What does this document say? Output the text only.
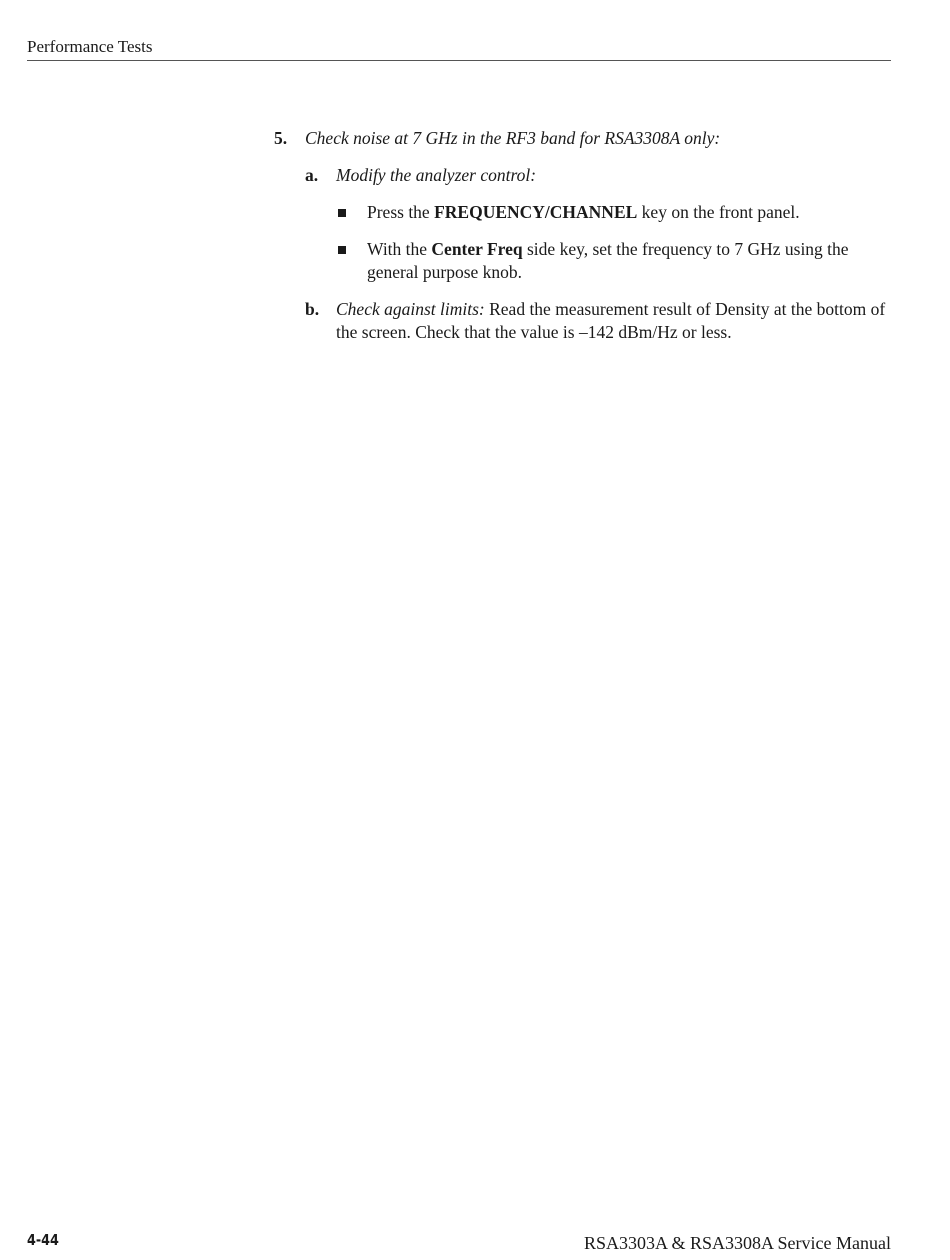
Performance Tests
5. Check noise at 7 GHz in the RF3 band for RSA3308A only:
a. Modify the analyzer control:
Press the FREQUENCY/CHANNEL key on the front panel.
With the Center Freq side key, set the frequency to 7 GHz using the general purpose knob.
b. Check against limits: Read the measurement result of Density at the bottom of the screen. Check that the value is –142 dBm/Hz or less.
4-44	RSA3303A & RSA3308A Service Manual
